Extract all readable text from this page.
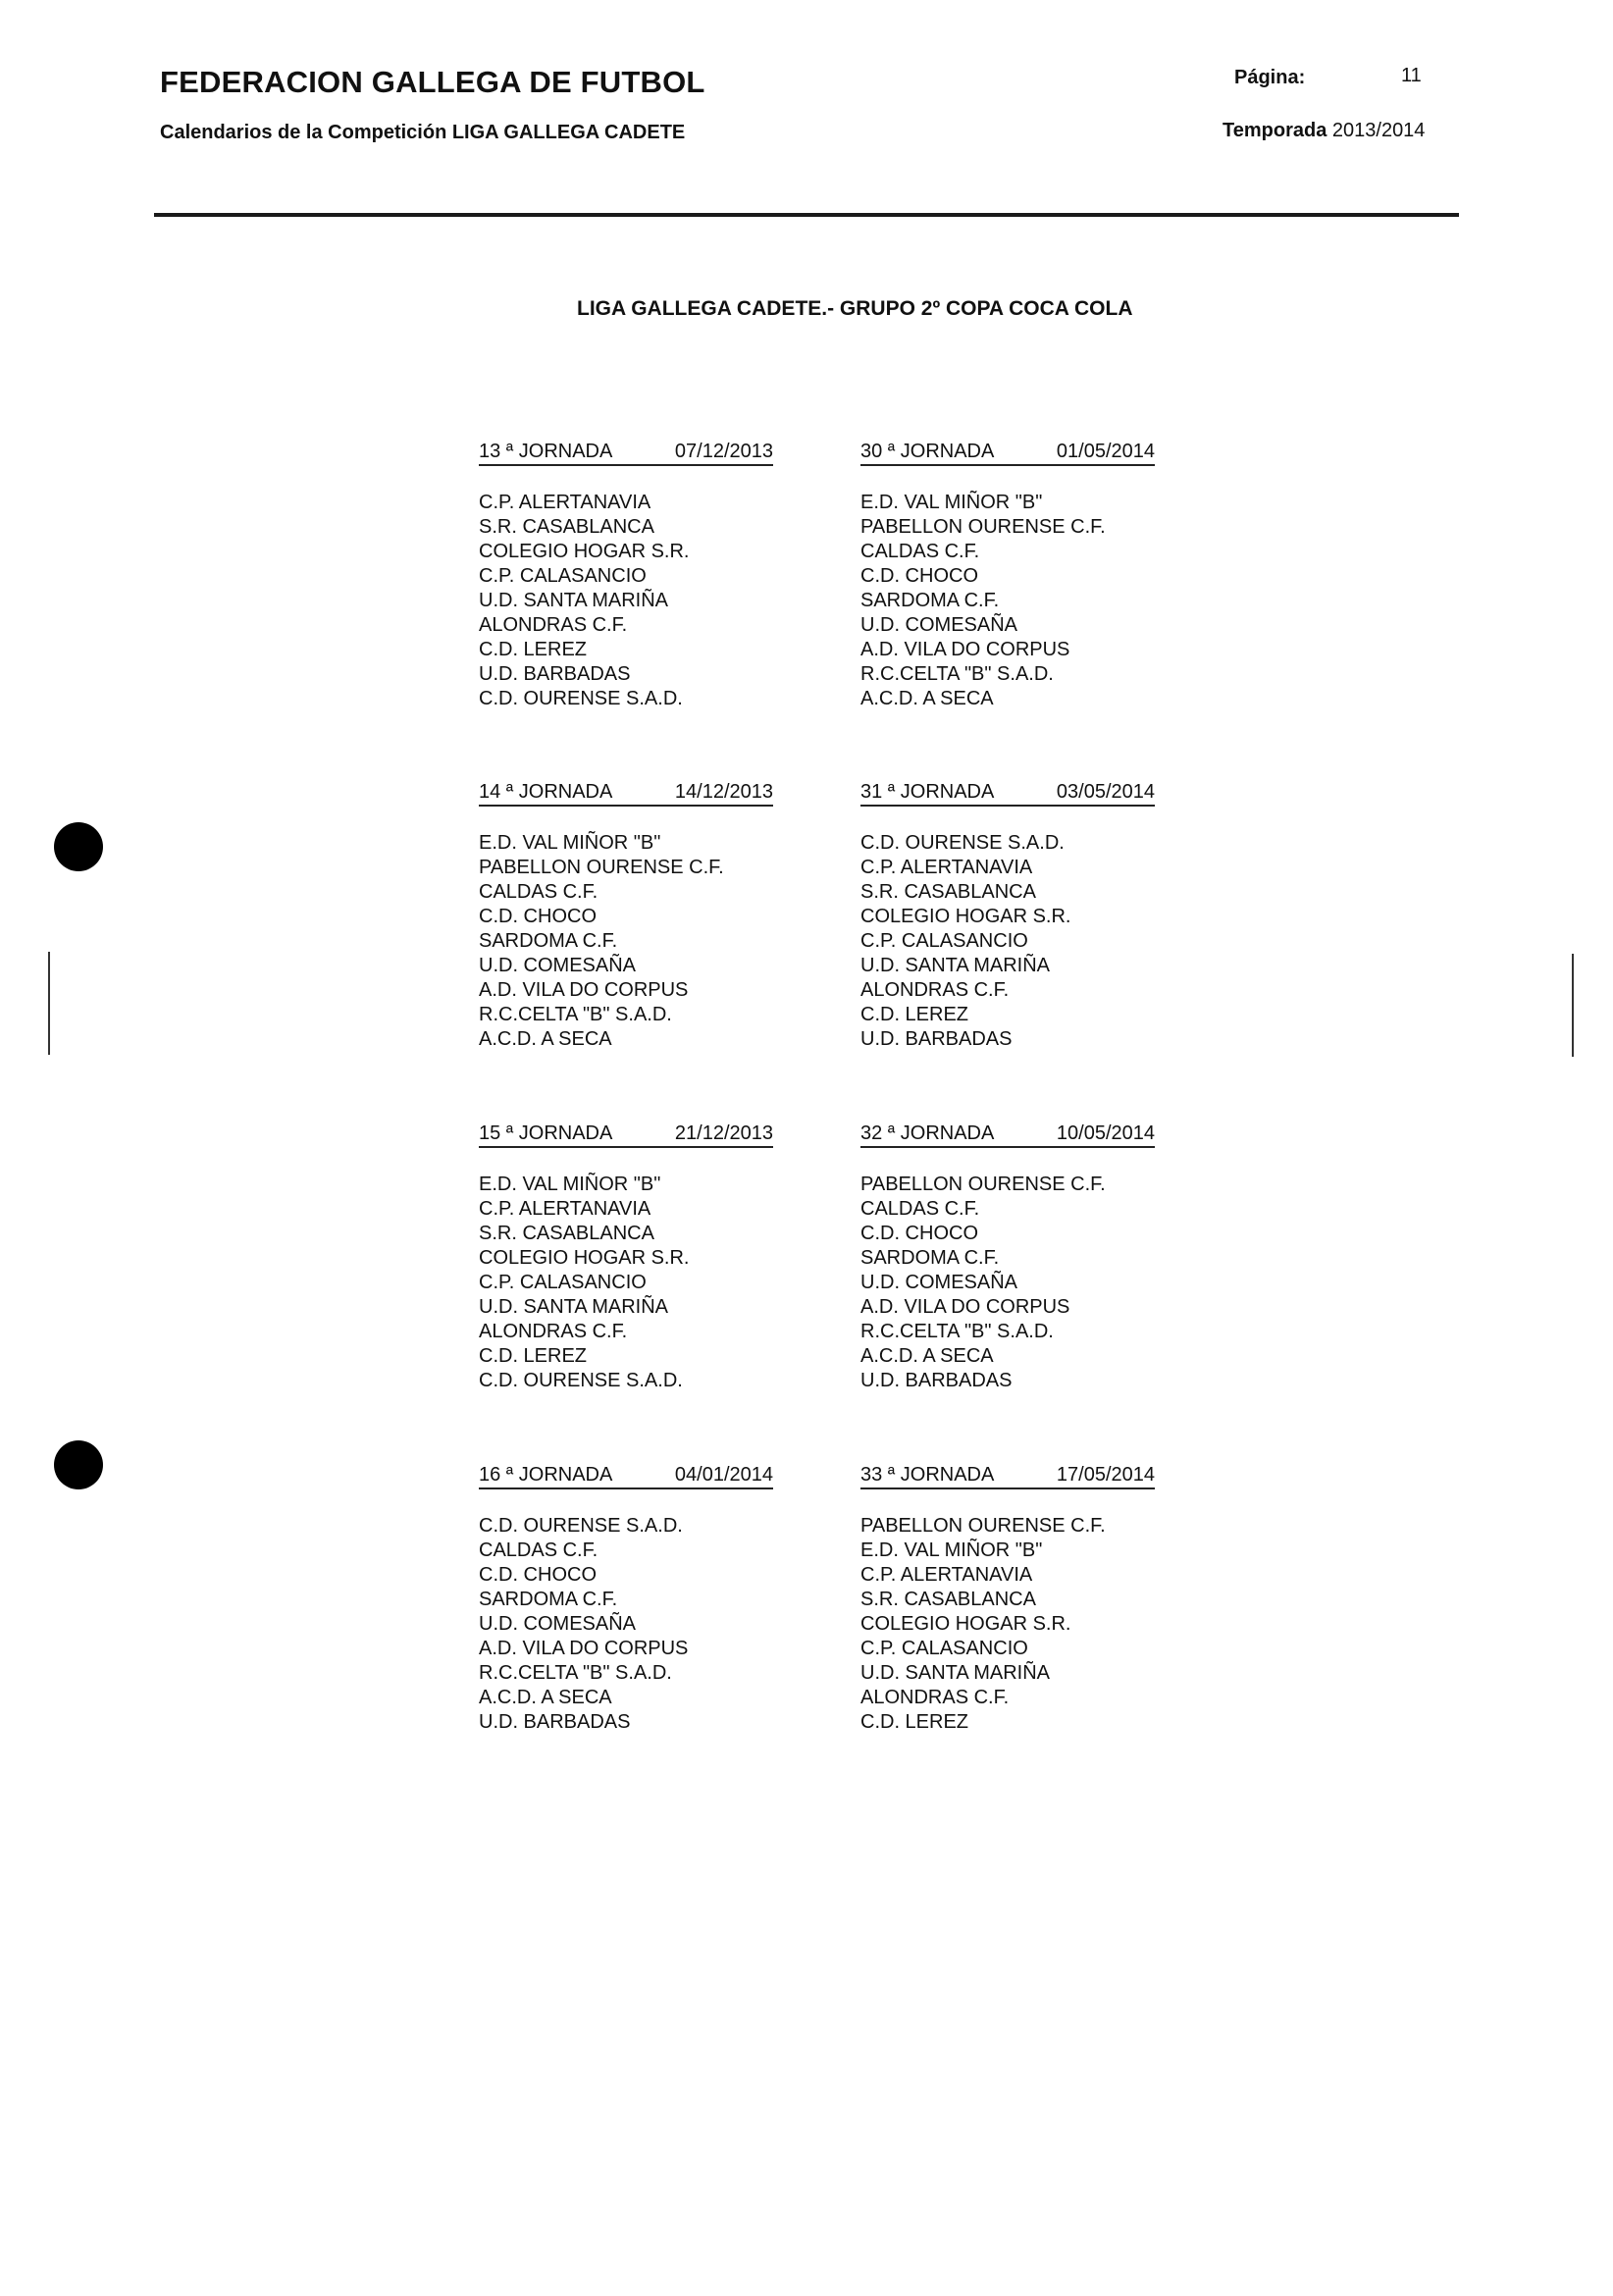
FEDERACION GALLEGA DE FUTBOL
Calendarios de la Competición LIGA GALLEGA CADETE
Página:	11
Temporada 2013/2014
LIGA GALLEGA CADETE.- GRUPO 2º COPA COCA COLA
13 ª JORNADA	07/12/2013
C.P. ALERTANAVIA
S.R. CASABLANCA
COLEGIO HOGAR S.R.
C.P. CALASANCIO
U.D. SANTA MARIÑA
ALONDRAS C.F.
C.D. LEREZ
U.D. BARBADAS
C.D. OURENSE S.A.D.
30 ª JORNADA	01/05/2014
E.D. VAL MIÑOR "B"
PABELLON OURENSE C.F.
CALDAS C.F.
C.D. CHOCO
SARDOMA C.F.
U.D. COMESAÑA
A.D. VILA DO CORPUS
R.C.CELTA "B" S.A.D.
A.C.D. A SECA
14 ª JORNADA	14/12/2013
E.D. VAL MIÑOR "B"
PABELLON OURENSE C.F.
CALDAS C.F.
C.D. CHOCO
SARDOMA C.F.
U.D. COMESAÑA
A.D. VILA DO CORPUS
R.C.CELTA "B" S.A.D.
A.C.D. A SECA
31 ª JORNADA	03/05/2014
C.D. OURENSE S.A.D.
C.P. ALERTANAVIA
S.R. CASABLANCA
COLEGIO HOGAR S.R.
C.P. CALASANCIO
U.D. SANTA MARIÑA
ALONDRAS C.F.
C.D. LEREZ
U.D. BARBADAS
15 ª JORNADA	21/12/2013
E.D. VAL MIÑOR "B"
C.P. ALERTANAVIA
S.R. CASABLANCA
COLEGIO HOGAR S.R.
C.P. CALASANCIO
U.D. SANTA MARIÑA
ALONDRAS C.F.
C.D. LEREZ
C.D. OURENSE S.A.D.
32 ª JORNADA	10/05/2014
PABELLON OURENSE C.F.
CALDAS C.F.
C.D. CHOCO
SARDOMA C.F.
U.D. COMESAÑA
A.D. VILA DO CORPUS
R.C.CELTA "B" S.A.D.
A.C.D. A SECA
U.D. BARBADAS
16 ª JORNADA	04/01/2014
C.D. OURENSE S.A.D.
CALDAS C.F.
C.D. CHOCO
SARDOMA C.F.
U.D. COMESAÑA
A.D. VILA DO CORPUS
R.C.CELTA "B" S.A.D.
A.C.D. A SECA
U.D. BARBADAS
33 ª JORNADA	17/05/2014
PABELLON OURENSE C.F.
E.D. VAL MIÑOR "B"
C.P. ALERTANAVIA
S.R. CASABLANCA
COLEGIO HOGAR S.R.
C.P. CALASANCIO
U.D. SANTA MARIÑA
ALONDRAS C.F.
C.D. LEREZ
